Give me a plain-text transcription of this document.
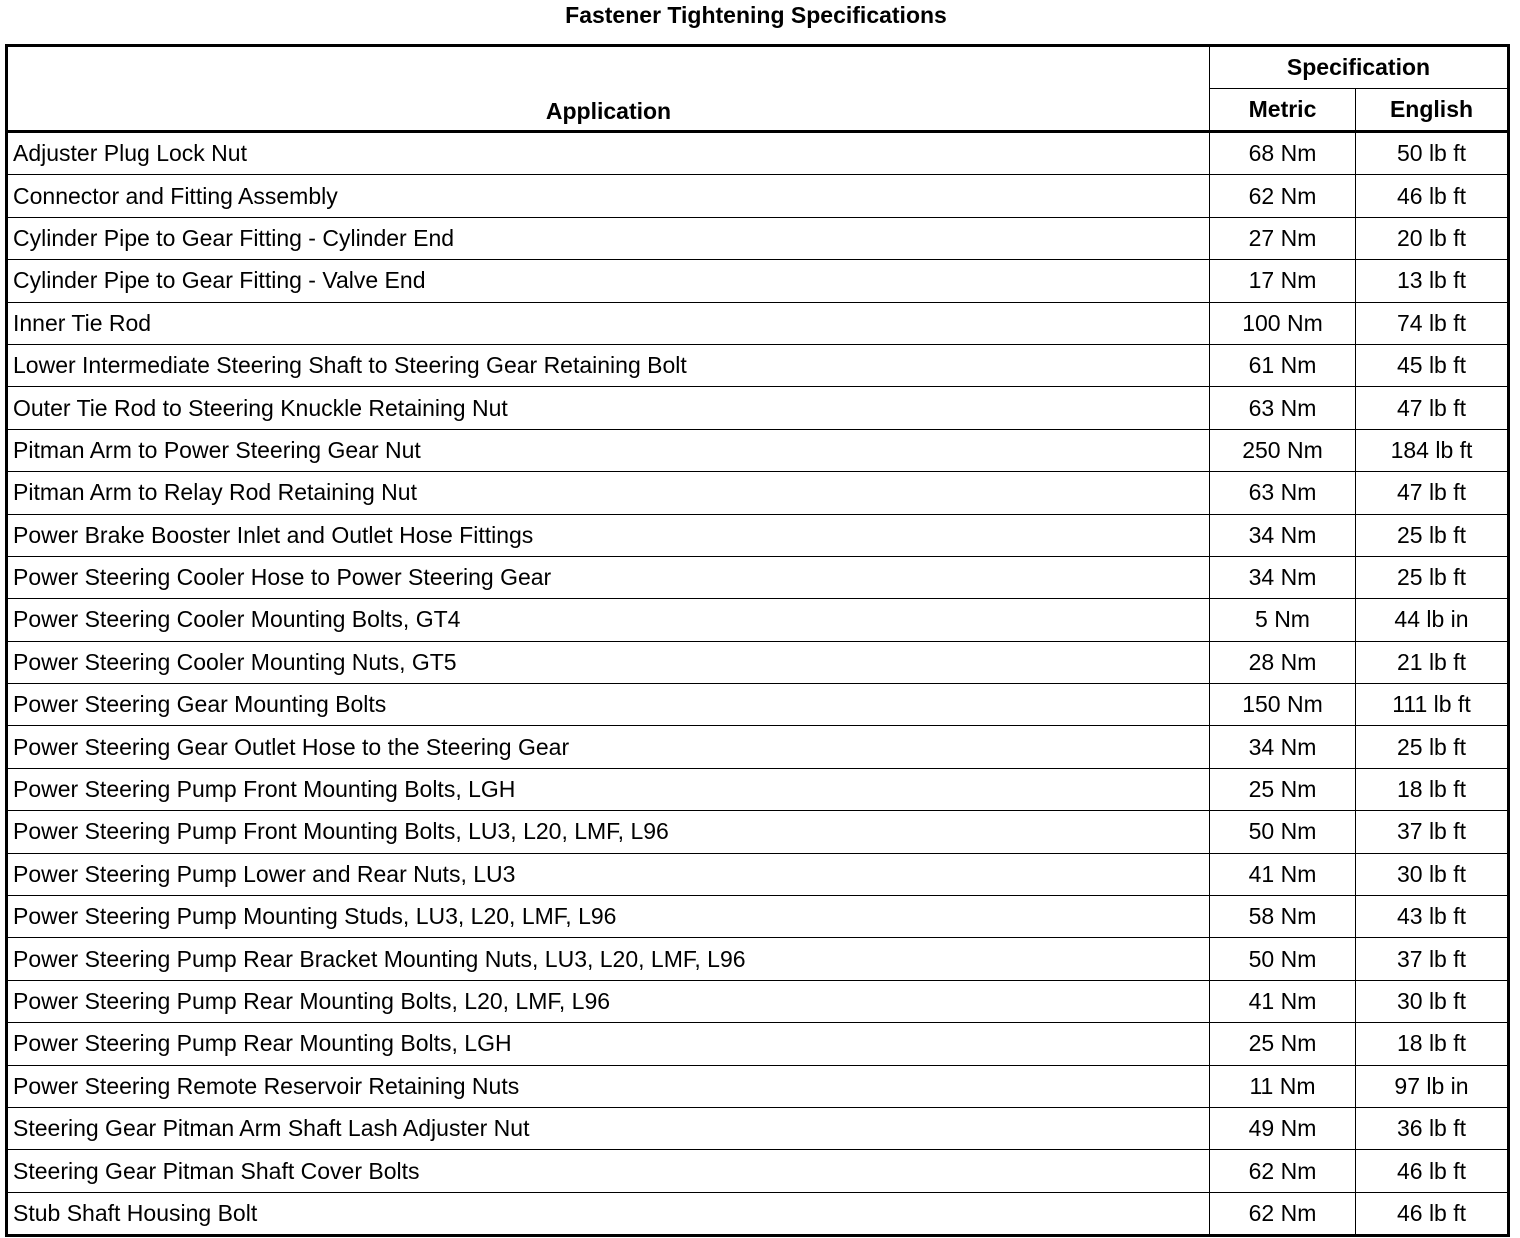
Fastener Tightening Specifications
Application	Specification	
	Metric	English
Adjuster Plug Lock Nut	68 Nm	50 lb ft
Connector and Fitting Assembly	62 Nm	46 lb ft
Cylinder Pipe to Gear Fitting - Cylinder End	27 Nm	20 lb ft
Cylinder Pipe to Gear Fitting - Valve End	17 Nm	13 lb ft
Inner Tie Rod	100 Nm	74 lb ft
Lower Intermediate Steering Shaft to Steering Gear Retaining Bolt	61 Nm	45 lb ft
Outer Tie Rod to Steering Knuckle Retaining Nut	63 Nm	47 lb ft
Pitman Arm to Power Steering Gear Nut	250 Nm	184 lb ft
Pitman Arm to Relay Rod Retaining Nut	63 Nm	47 lb ft
Power Brake Booster Inlet and Outlet Hose Fittings	34 Nm	25 lb ft
Power Steering Cooler Hose to Power Steering Gear	34 Nm	25 lb ft
Power Steering Cooler Mounting Bolts, GT4	5 Nm	44 lb in
Power Steering Cooler Mounting Nuts, GT5	28 Nm	21 lb ft
Power Steering Gear Mounting Bolts	150 Nm	111 lb ft
Power Steering Gear Outlet Hose to the Steering Gear	34 Nm	25 lb ft
Power Steering Pump Front Mounting Bolts, LGH	25 Nm	18 lb ft
Power Steering Pump Front Mounting Bolts, LU3, L20, LMF, L96	50 Nm	37 lb ft
Power Steering Pump Lower and Rear Nuts, LU3	41 Nm	30 lb ft
Power Steering Pump Mounting Studs, LU3, L20, LMF, L96	58 Nm	43 lb ft
Power Steering Pump Rear Bracket Mounting Nuts, LU3, L20, LMF, L96	50 Nm	37 lb ft
Power Steering Pump Rear Mounting Bolts, L20, LMF, L96	41 Nm	30 lb ft
Power Steering Pump Rear Mounting Bolts, LGH	25 Nm	18 lb ft
Power Steering Remote Reservoir Retaining Nuts	11 Nm	97 lb in
Steering Gear Pitman Arm Shaft Lash Adjuster Nut	49 Nm	36 lb ft
Steering Gear Pitman Shaft Cover Bolts	62 Nm	46 lb ft
Stub Shaft Housing Bolt	62 Nm	46 lb ft
